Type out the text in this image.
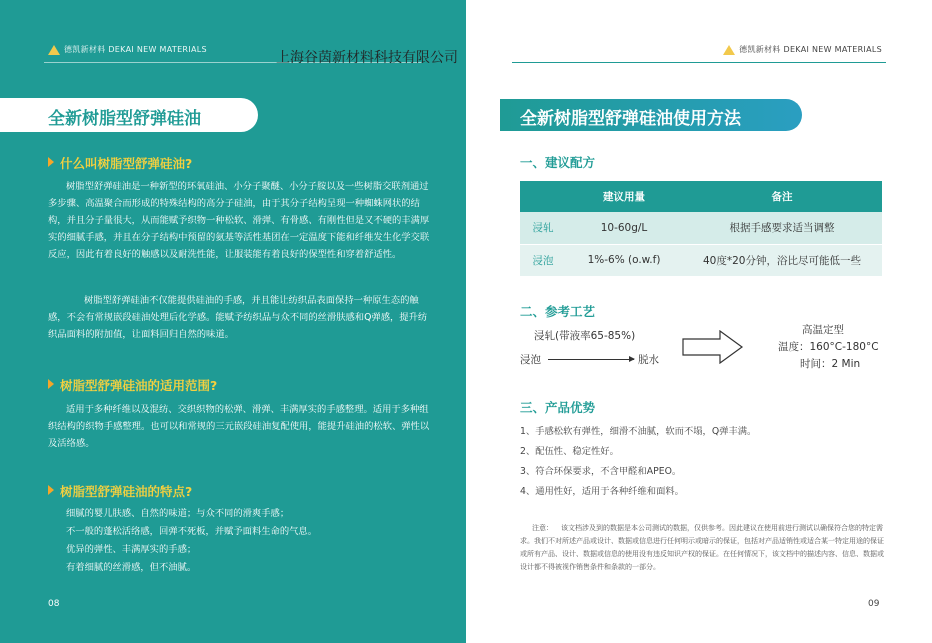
德凯新材料 DEKAI NEW MATERIALS
全新树脂型舒弹硅油
什么叫树脂型舒弹硅油?
树脂型舒弹硅油是一种新型的环氧硅油、小分子聚醚、小分子胺以及一些树脂交联剂通过多步骤、高温聚合而形成的特殊结构的高分子硅油，由于其分子结构呈现一种蜘蛛网状的结构，并且分子量很大，从而能赋予织物一种松软、滑弹、有骨感、有刚性但是又不硬的丰满厚实的细腻手感，并且在分子结构中预留的氨基等活性基团在一定温度下能和纤维发生化学交联反应，因此有着良好的触感以及耐洗性能，让服装能有着良好的保型性和穿着舒适性。
树脂型舒弹硅油不仅能提供硅油的手感，并且能让纺织品表面保持一种原生态的触感，不会有常规嵌段硅油处理后化学感。能赋予纺织品与众不同的丝滑肤感和Q弹感，提升纺织品面料的附加值，让面料回归自然的味道。
树脂型舒弹硅油的适用范围?
适用于多种纤维以及混纺、交织织物的松弹、滑弹、丰满厚实的手感整理。适用于多种组织结构的织物手感整理。也可以和常规的三元嵌段硅油复配使用，能提升硅油的松软、弹性以及活络感。
树脂型舒弹硅油的特点?
细腻的婴儿肤感、自然的味道；与众不同的滑爽手感；
不一般的蓬松活络感，回弹不死板，并赋予面料生命的气息。
优异的弹性、丰满厚实的手感；
有着细腻的丝滑感，但不油腻。
08
上海谷茵新材料科技有限公司
德凯新材料 DEKAI NEW MATERIALS
全新树脂型舒弹硅油使用方法
一、建议配方
	建议用量	备注
浸轧	10-60g/L	根据手感要求适当调整
浸泡	1%-6% (o.w.f)	40度*20分钟，浴比尽可能低一些
二、参考工艺
浸轧(带液率65-85%)
浸泡	脱水
高温定型
温度：160°C-180°C
时间：2 Min
三、产品优势
1、手感松软有弹性，细滑不油腻，软而不塌，Q弹丰满。
2、配伍性、稳定性好。
3、符合环保要求，不含甲醛和APEO。
4、通用性好，适用于各种纤维和面料。
注意： 该文档涉及到的数据是本公司测试的数据，仅供参考。因此建议在使用前进行测试以确保符合您的特定需求。我们不对所述产品或设计、数据或信息进行任何明示或暗示的保证，包括对产品适销性或适合某一特定用途的保证或所有产品、设计、数据或信息的使用没有违反知识产权的保证。在任何情况下，该文档中的描述内容、信息、数据或设计都不得被视作销售条件和条款的一部分。
09
